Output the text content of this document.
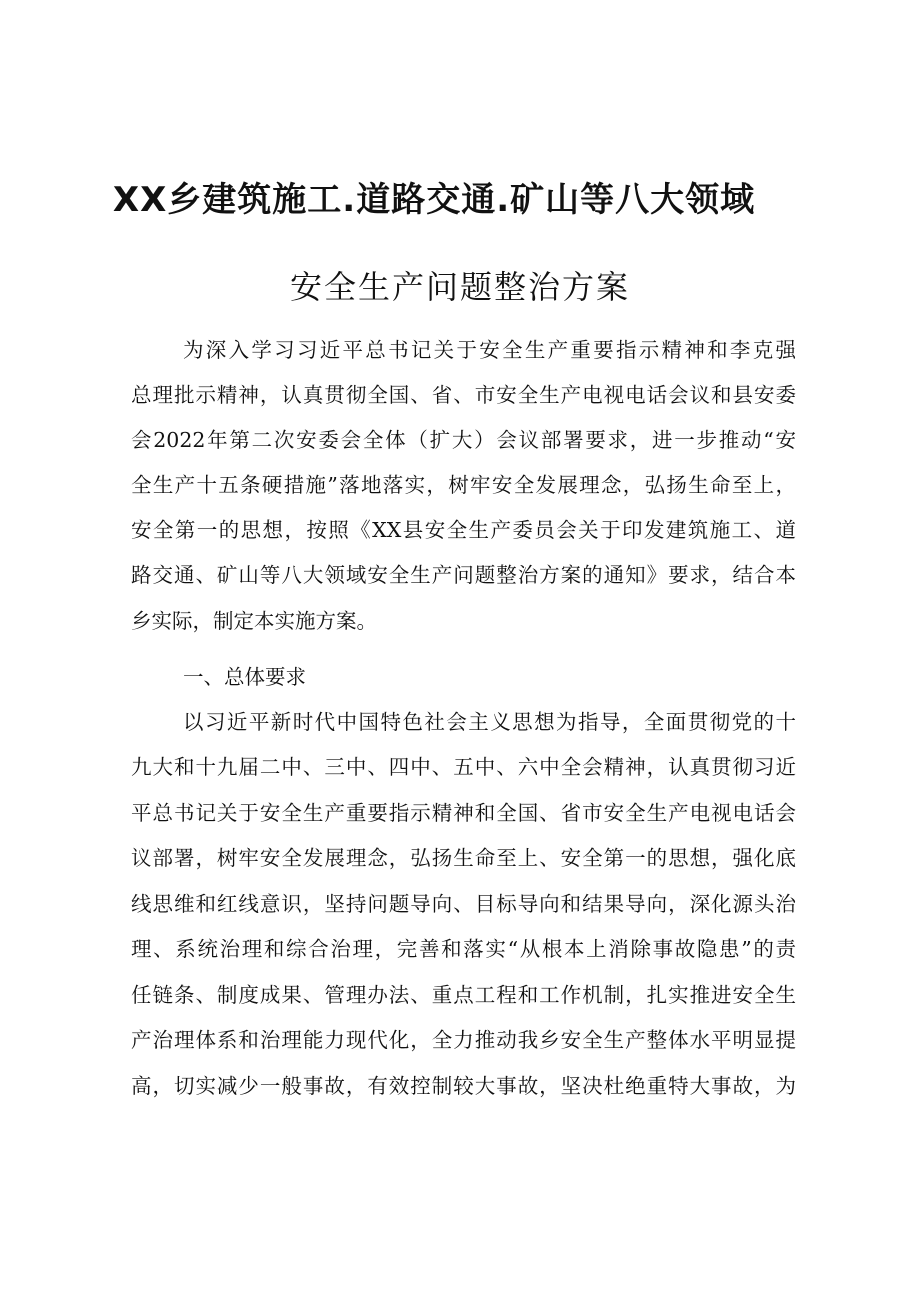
XX乡建筑施工.道路交通.矿山等八大领域
安全生产问题整治方案
为深入学习习近平总书记关于安全生产重要指示精神和李克强
总理批示精神，认真贯彻全国、省、市安全生产电视电话会议和县安委
会2022年第二次安委会全体（扩大）会议部署要求，进一步推动“安
全生产十五条硬措施”落地落实，树牢安全发展理念，弘扬生命至上，
安全第一的思想，按照《XX县安全生产委员会关于印发建筑施工、道
路交通、矿山等八大领域安全生产问题整治方案的通知》要求，结合本
乡实际，制定本实施方案。
一、总体要求
以习近平新时代中国特色社会主义思想为指导，全面贯彻党的十
九大和十九届二中、三中、四中、五中、六中全会精神，认真贯彻习近
平总书记关于安全生产重要指示精神和全国、省市安全生产电视电话会
议部署，树牢安全发展理念，弘扬生命至上、安全第一的思想，强化底
线思维和红线意识，坚持问题导向、目标导向和结果导向，深化源头治
理、系统治理和综合治理，完善和落实“从根本上消除事故隐患”的责
任链条、制度成果、管理办法、重点工程和工作机制，扎实推进安全生
产治理体系和治理能力现代化，全力推动我乡安全生产整体水平明显提
高，切实减少一般事故，有效控制较大事故，坚决杜绝重特大事故，为
